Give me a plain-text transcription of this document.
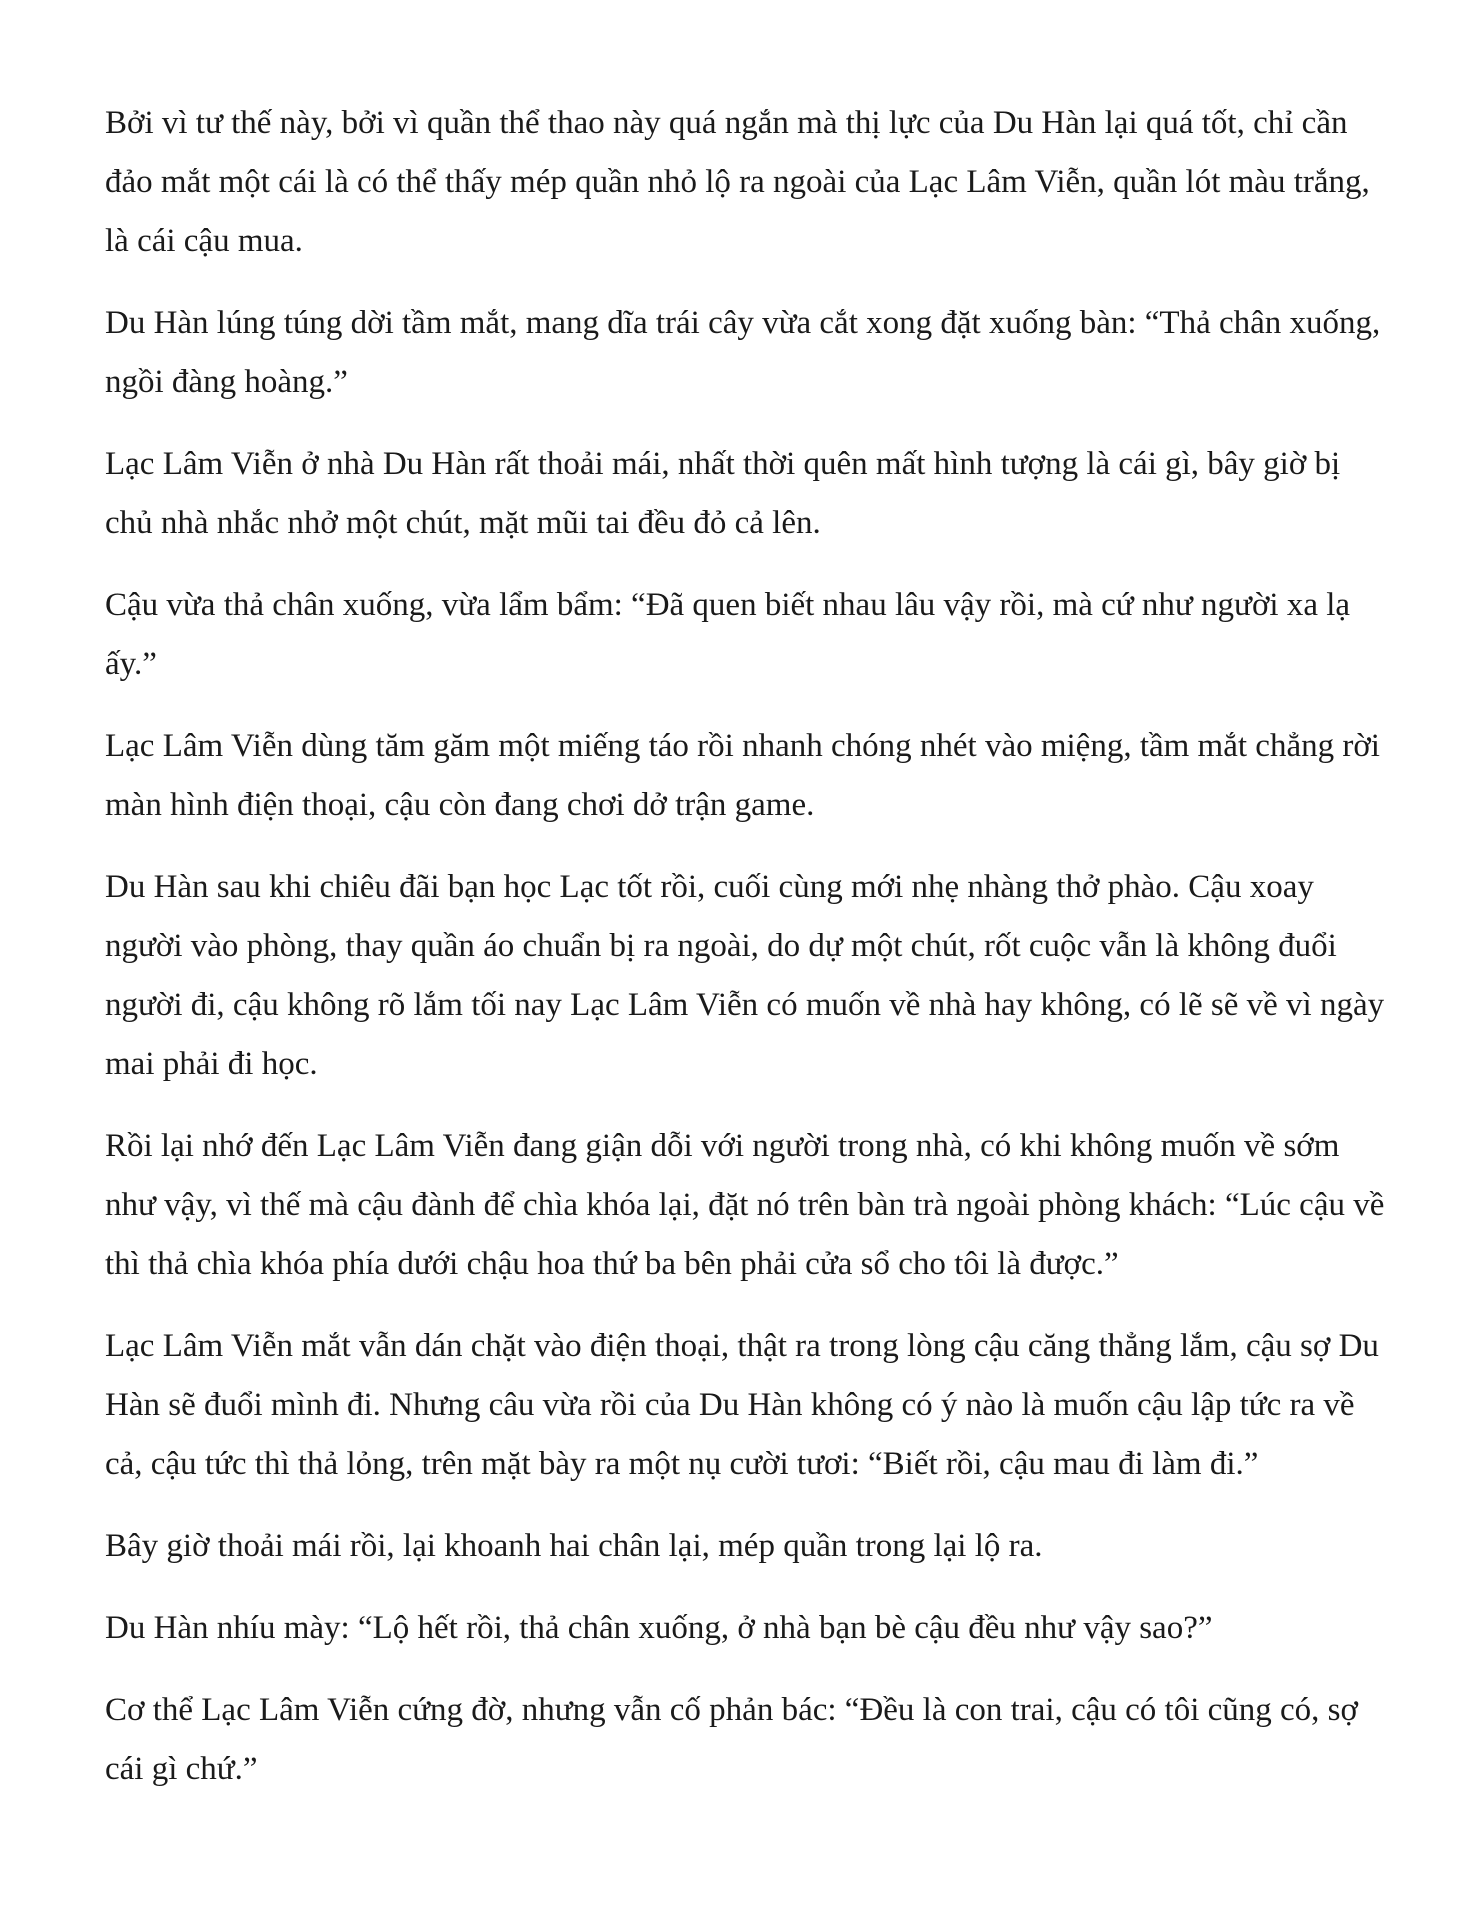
Bởi vì tư thế này, bởi vì quần thể thao này quá ngắn mà thị lực của Du Hàn lại quá tốt, chỉ cần đảo mắt một cái là có thể thấy mép quần nhỏ lộ ra ngoài của Lạc Lâm Viễn, quần lót màu trắng, là cái cậu mua.

Du Hàn lúng túng dời tầm mắt, mang dĩa trái cây vừa cắt xong đặt xuống bàn: “Thả chân xuống, ngồi đàng hoàng.”

Lạc Lâm Viễn ở nhà Du Hàn rất thoải mái, nhất thời quên mất hình tượng là cái gì, bây giờ bị chủ nhà nhắc nhở một chút, mặt mũi tai đều đỏ cả lên.

Cậu vừa thả chân xuống, vừa lẩm bẩm: “Đã quen biết nhau lâu vậy rồi, mà cứ như người xa lạ ấy.”

Lạc Lâm Viễn dùng tăm găm một miếng táo rồi nhanh chóng nhét vào miệng, tầm mắt chẳng rời màn hình điện thoại, cậu còn đang chơi dở trận game.

Du Hàn sau khi chiêu đãi bạn học Lạc tốt rồi, cuối cùng mới nhẹ nhàng thở phào. Cậu xoay người vào phòng, thay quần áo chuẩn bị ra ngoài, do dự một chút, rốt cuộc vẫn là không đuổi người đi, cậu không rõ lắm tối nay Lạc Lâm Viễn có muốn về nhà hay không, có lẽ sẽ về vì ngày mai phải đi học.

Rồi lại nhớ đến Lạc Lâm Viễn đang giận dỗi với người trong nhà, có khi không muốn về sớm như vậy, vì thế mà cậu đành để chìa khóa lại, đặt nó trên bàn trà ngoài phòng khách: “Lúc cậu về thì thả chìa khóa phía dưới chậu hoa thứ ba bên phải cửa sổ cho tôi là được.”

Lạc Lâm Viễn mắt vẫn dán chặt vào điện thoại, thật ra trong lòng cậu căng thẳng lắm, cậu sợ Du Hàn sẽ đuổi mình đi. Nhưng câu vừa rồi của Du Hàn không có ý nào là muốn cậu lập tức ra về cả, cậu tức thì thả lỏng, trên mặt bày ra một nụ cười tươi: “Biết rồi, cậu mau đi làm đi.”

Bây giờ thoải mái rồi, lại khoanh hai chân lại, mép quần trong lại lộ ra.

Du Hàn nhíu mày: “Lộ hết rồi, thả chân xuống, ở nhà bạn bè cậu đều như vậy sao?”

Cơ thể Lạc Lâm Viễn cứng đờ, nhưng vẫn cố phản bác: “Đều là con trai, cậu có tôi cũng có, sợ cái gì chứ.”
